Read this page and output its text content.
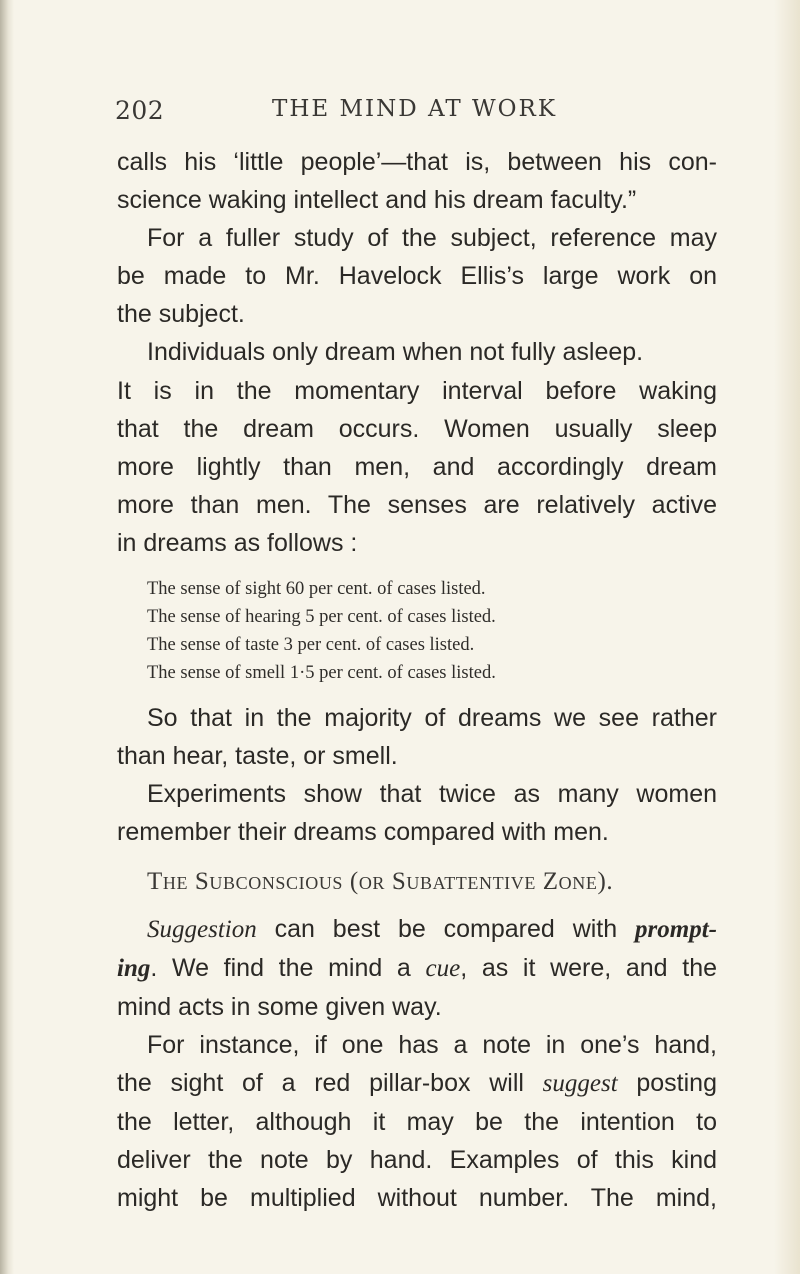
202	THE MIND AT WORK
calls his ‘little people’—that is, between his con-
science waking intellect and his dream faculty.”
For a fuller study of the subject, reference may
be made to Mr. Havelock Ellis’s large work on
the subject.
Individuals only dream when not fully asleep.
It is in the momentary interval before waking
that the dream occurs. Women usually sleep
more lightly than men, and accordingly dream
more than men. The senses are relatively active
in dreams as follows :
The sense of sight 60 per cent. of cases listed.
The sense of hearing 5 per cent. of cases listed.
The sense of taste 3 per cent. of cases listed.
The sense of smell 1·5 per cent. of cases listed.
So that in the majority of dreams we see rather
than hear, taste, or smell.
Experiments show that twice as many women
remember their dreams compared with men.
The Subconscious (or Subattentive Zone).
Suggestion can best be compared with prompt-
ing. We find the mind a cue, as it were, and the
mind acts in some given way.
For instance, if one has a note in one’s hand,
the sight of a red pillar-box will suggest posting
the letter, although it may be the intention to
deliver the note by hand. Examples of this kind
might be multiplied without number. The mind,
